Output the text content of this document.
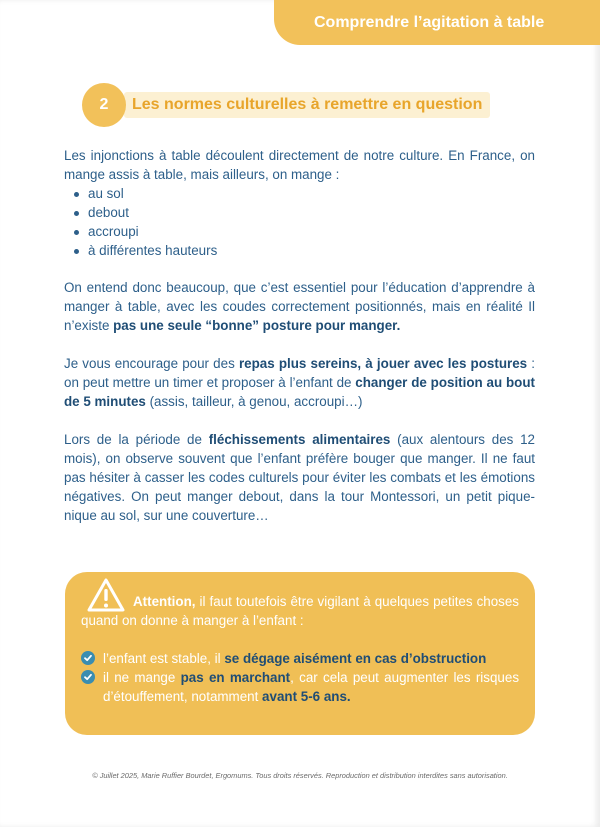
Comprendre l’agitation à table
2	Les normes culturelles à remettre en question

Les injonctions à table découlent directement de notre culture. En France, on mange assis à table, mais ailleurs, on mange :

au sol
debout
accroupi
à différentes hauteurs

On entend donc beaucoup, que c’est essentiel pour l’éducation d’apprendre à manger à table, avec les coudes correctement positionnés, mais en réalité Il n’existe pas une seule “bonne” posture pour manger.

Je vous encourage pour des repas plus sereins, à jouer avec les postures : on peut mettre un timer et proposer à l’enfant de changer de position au bout de 5 minutes (assis, tailleur, à genou, accroupi…)

Lors de la période de fléchissements alimentaires (aux alentours des 12 mois), on observe souvent que l’enfant préfère bouger que manger. Il ne faut pas hésiter à casser les codes culturels pour éviter les combats et les émotions négatives. On peut manger debout, dans la tour Montessori, un petit pique-nique au sol, sur une couverture…

Attention, il faut toutefois être vigilant à quelques petites choses quand on donne à manger à l’enfant :

l’enfant est stable, il se dégage aisément en cas d’obstruction

il ne mange pas en marchant, car cela peut augmenter les risques d’étouffement, notamment avant 5-6 ans.

© Juillet 2025, Marie Ruffier Bourdet, Ergomums. Tous droits réservés. Reproduction et distribution interdites sans autorisation.
